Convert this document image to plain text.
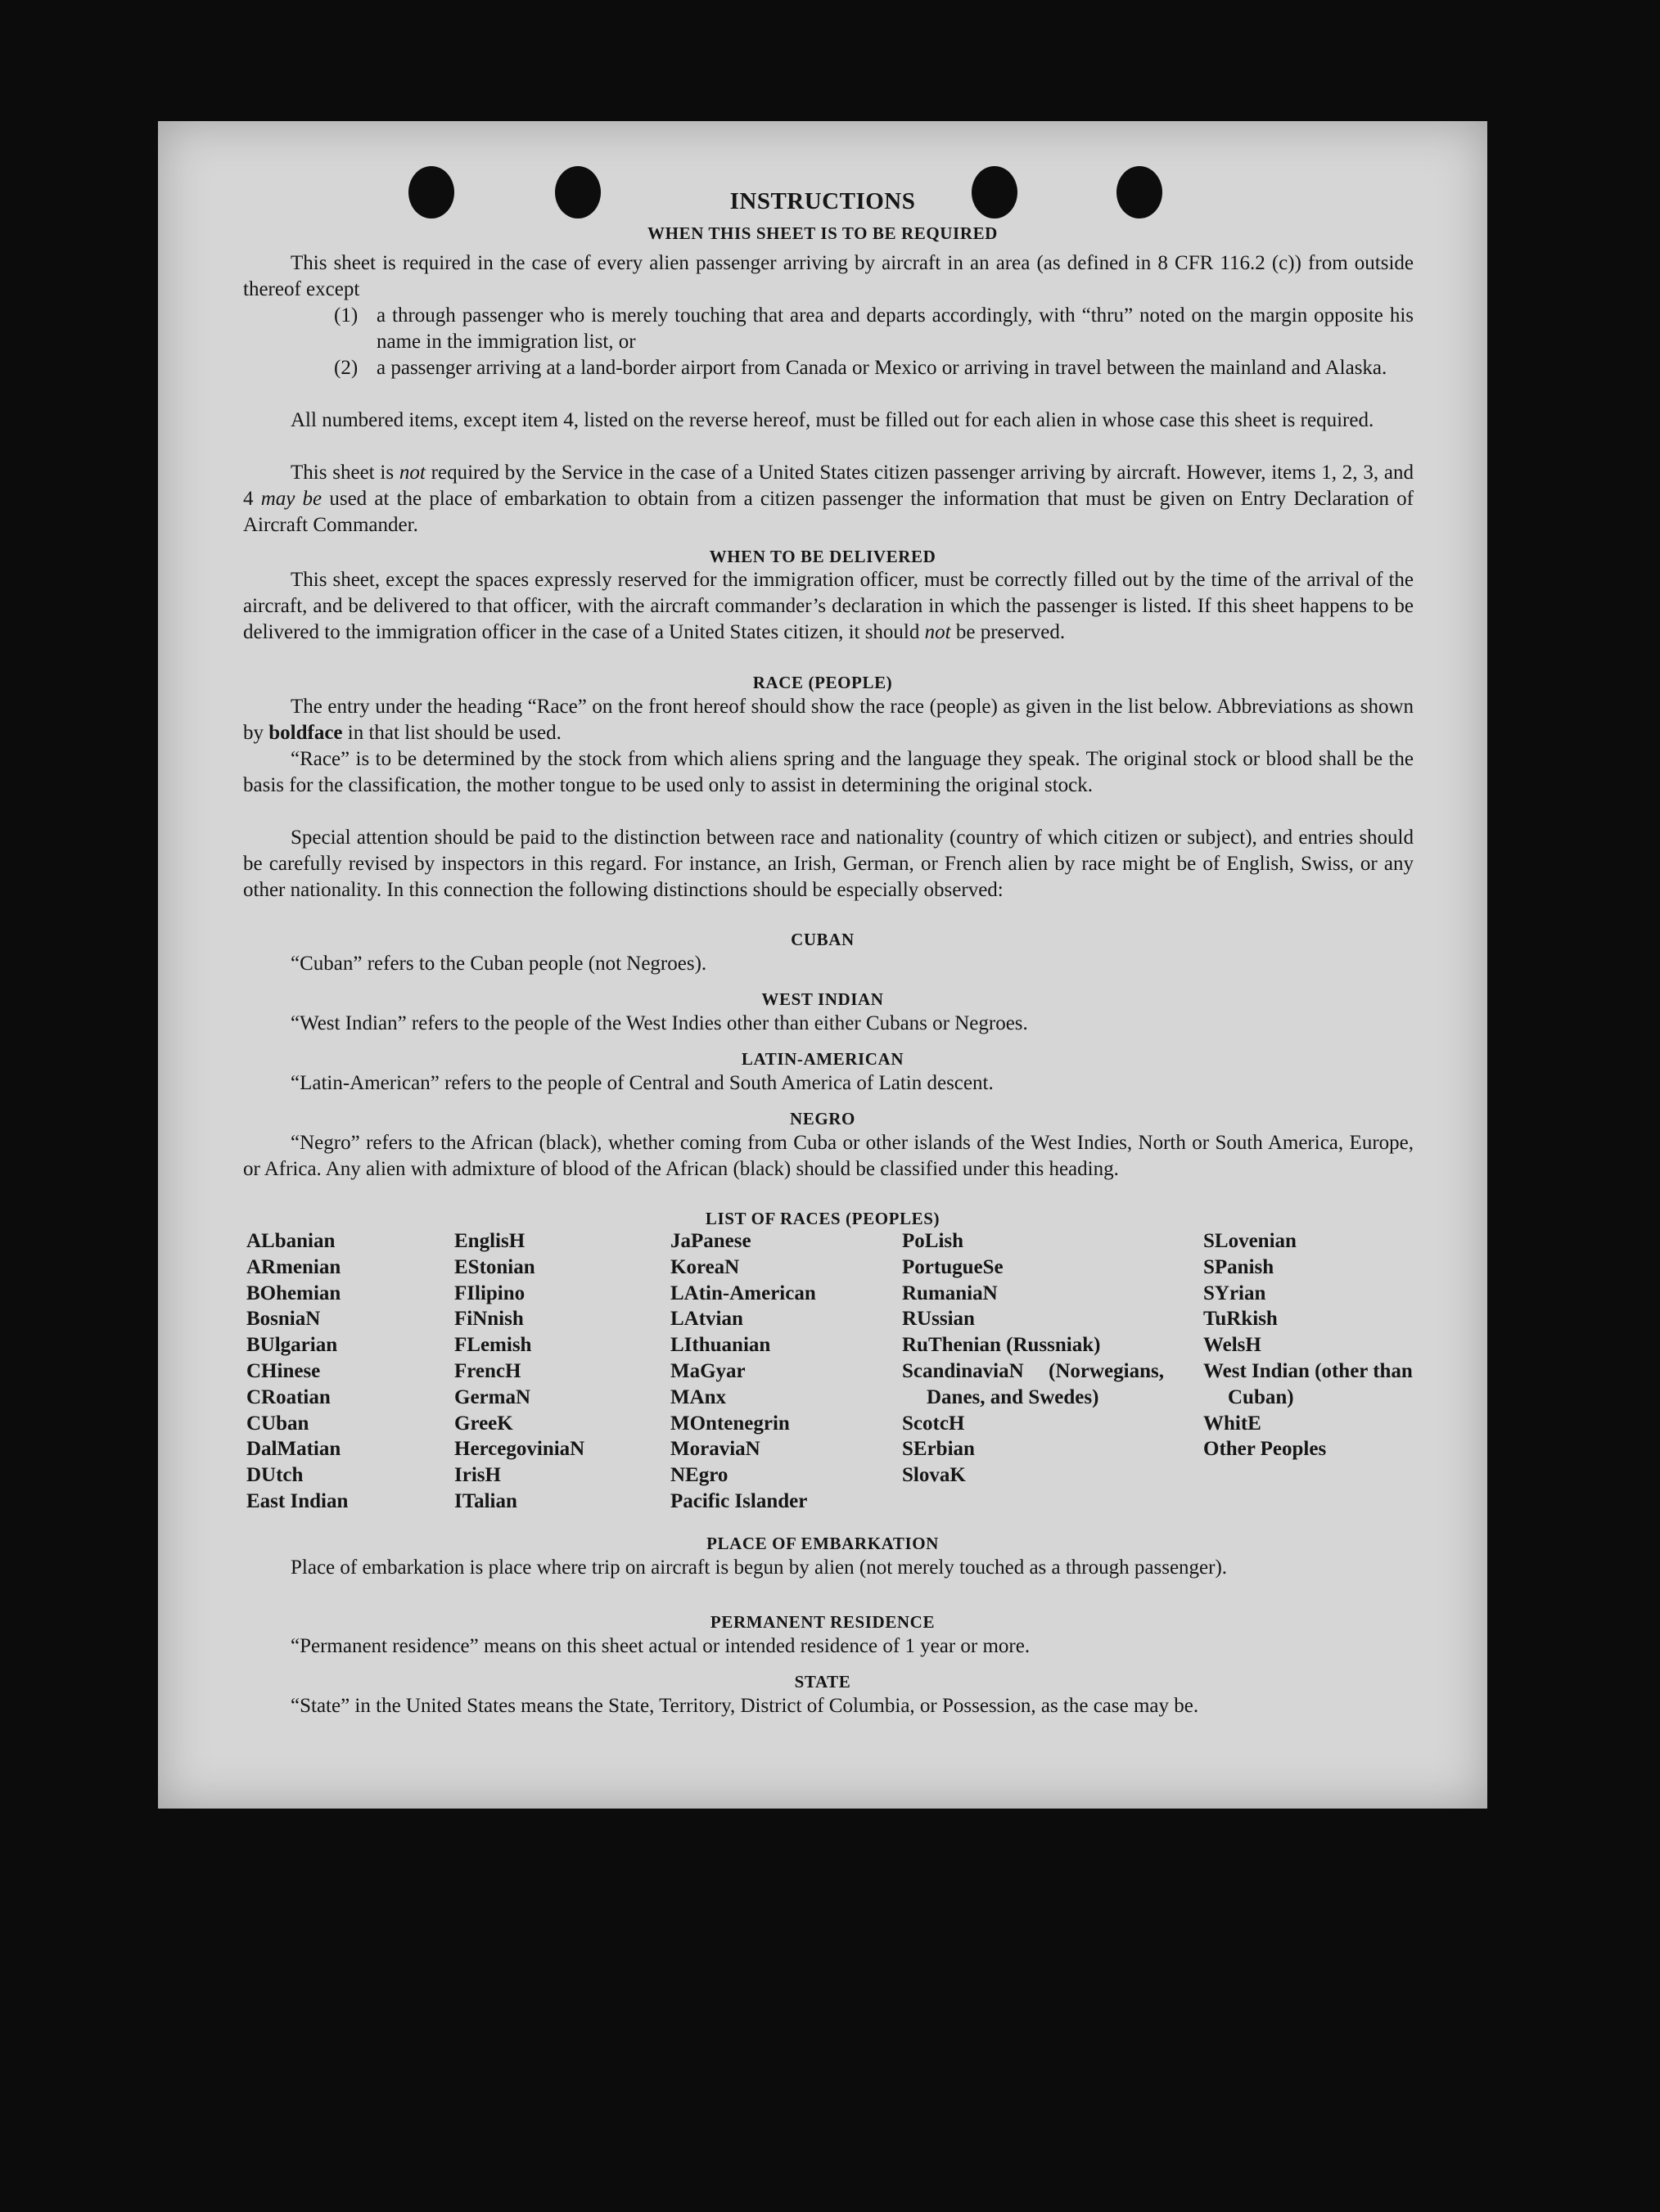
INSTRUCTIONS
WHEN THIS SHEET IS TO BE REQUIRED
This sheet is required in the case of every alien passenger arriving by aircraft in an area (as defined in 8 CFR 116.2 (c)) from outside thereof except
(1) a through passenger who is merely touching that area and departs accordingly, with “thru” noted on the margin opposite his name in the immigration list, or
(2) a passenger arriving at a land-border airport from Canada or Mexico or arriving in travel between the mainland and Alaska.
All numbered items, except item 4, listed on the reverse hereof, must be filled out for each alien in whose case this sheet is required.
This sheet is not required by the Service in the case of a United States citizen passenger arriving by aircraft. However, items 1, 2, 3, and 4 may be used at the place of embarkation to obtain from a citizen passenger the information that must be given on Entry Declaration of Aircraft Commander.
WHEN TO BE DELIVERED
This sheet, except the spaces expressly reserved for the immigration officer, must be correctly filled out by the time of the arrival of the aircraft, and be delivered to that officer, with the aircraft commander’s declaration in which the passenger is listed. If this sheet happens to be delivered to the immigration officer in the case of a United States citizen, it should not be preserved.
RACE (PEOPLE)
The entry under the heading “Race” on the front hereof should show the race (people) as given in the list below. Abbreviations as shown by boldface in that list should be used.
“Race” is to be determined by the stock from which aliens spring and the language they speak. The original stock or blood shall be the basis for the classification, the mother tongue to be used only to assist in determining the original stock.
Special attention should be paid to the distinction between race and nationality (country of which citizen or subject), and entries should be carefully revised by inspectors in this regard. For instance, an Irish, German, or French alien by race might be of English, Swiss, or any other nationality. In this connection the following distinctions should be especially observed:
CUBAN
“Cuban” refers to the Cuban people (not Negroes).
WEST INDIAN
“West Indian” refers to the people of the West Indies other than either Cubans or Negroes.
LATIN-AMERICAN
“Latin-American” refers to the people of Central and South America of Latin descent.
NEGRO
“Negro” refers to the African (black), whether coming from Cuba or other islands of the West Indies, North or South America, Europe, or Africa. Any alien with admixture of blood of the African (black) should be classified under this heading.
LIST OF RACES (PEOPLES)
ALbanian
ARmenian
BOhemian
BosniaN
BUlgarian
CHinese
CRoatian
CUban
DalMatian
DUtch
East Indian
EnglisH
EStonian
FIlipino
FiNnish
FLemish
FrencH
GermaN
GreeK
HercegoviniaN
IrisH
ITalian
JaPanese
KoreaN
LAtin-American
LAtvian
LIthuanian
MaGyar
MAnx
MOntenegrin
MoraviaN
NEgro
Pacific Islander
PoLish
PortugueSe
RumaniaN
RUssian
RuThenian (Russniak)
ScandinaviaN (Norwegians, Danes, and Swedes)
ScotcH
SErbian
SlovaK
SLovenian
SPanish
SYrian
TuRkish
WelsH
West Indian (other than Cuban)
WhitE
Other Peoples
PLACE OF EMBARKATION
Place of embarkation is place where trip on aircraft is begun by alien (not merely touched as a through passenger).
PERMANENT RESIDENCE
“Permanent residence” means on this sheet actual or intended residence of 1 year or more.
STATE
“State” in the United States means the State, Territory, District of Columbia, or Possession, as the case may be.
